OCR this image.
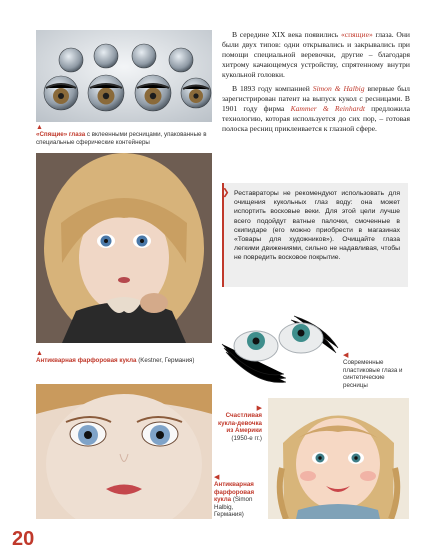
▲
«Спящие» глаза с вклеенными ресницами, упакованные в специальные сферические контейнеры

В середине XIX века появились «спящие» глаза. Они были двух типов: одни открывались и закрывались при помощи специальной веревочки, другие – благодаря хитрому качающемуся устройству, спрятенному внутри кукольной головки.

В 1893 году компанией Simon & Halbig впервые был зарегистрирован патент на выпуск кукол с ресницами. В 1901 году фирма Kammer & Reinhardt предложила технологию, которая используется до сих пор, – готовая полоска ресниц приклеивается к глазной сфере.

❯ Реставраторы не рекомендуют использовать для очищения кукольных глаз воду: она может испортить восковые веки. Для этой цели лучше всего подойдут ватные палочки, смоченные в скипидаре (его можно приобрести в магазинах «Товары для художников»). Очищайте глаза легкими движениями, сильно не надавливая, чтобы не повредить восковое покрытие.
▲
Антикварная фарфоровая кукла (Kestner, Германия)
◀
Современные пластиковые глаза и синтетические ресницы
◀
Антикварная фарфоровая кукла (Simon Halbig, Германия)
▶
Счастливая кукла-девочка из Америки
(1950-е гг.)
20
